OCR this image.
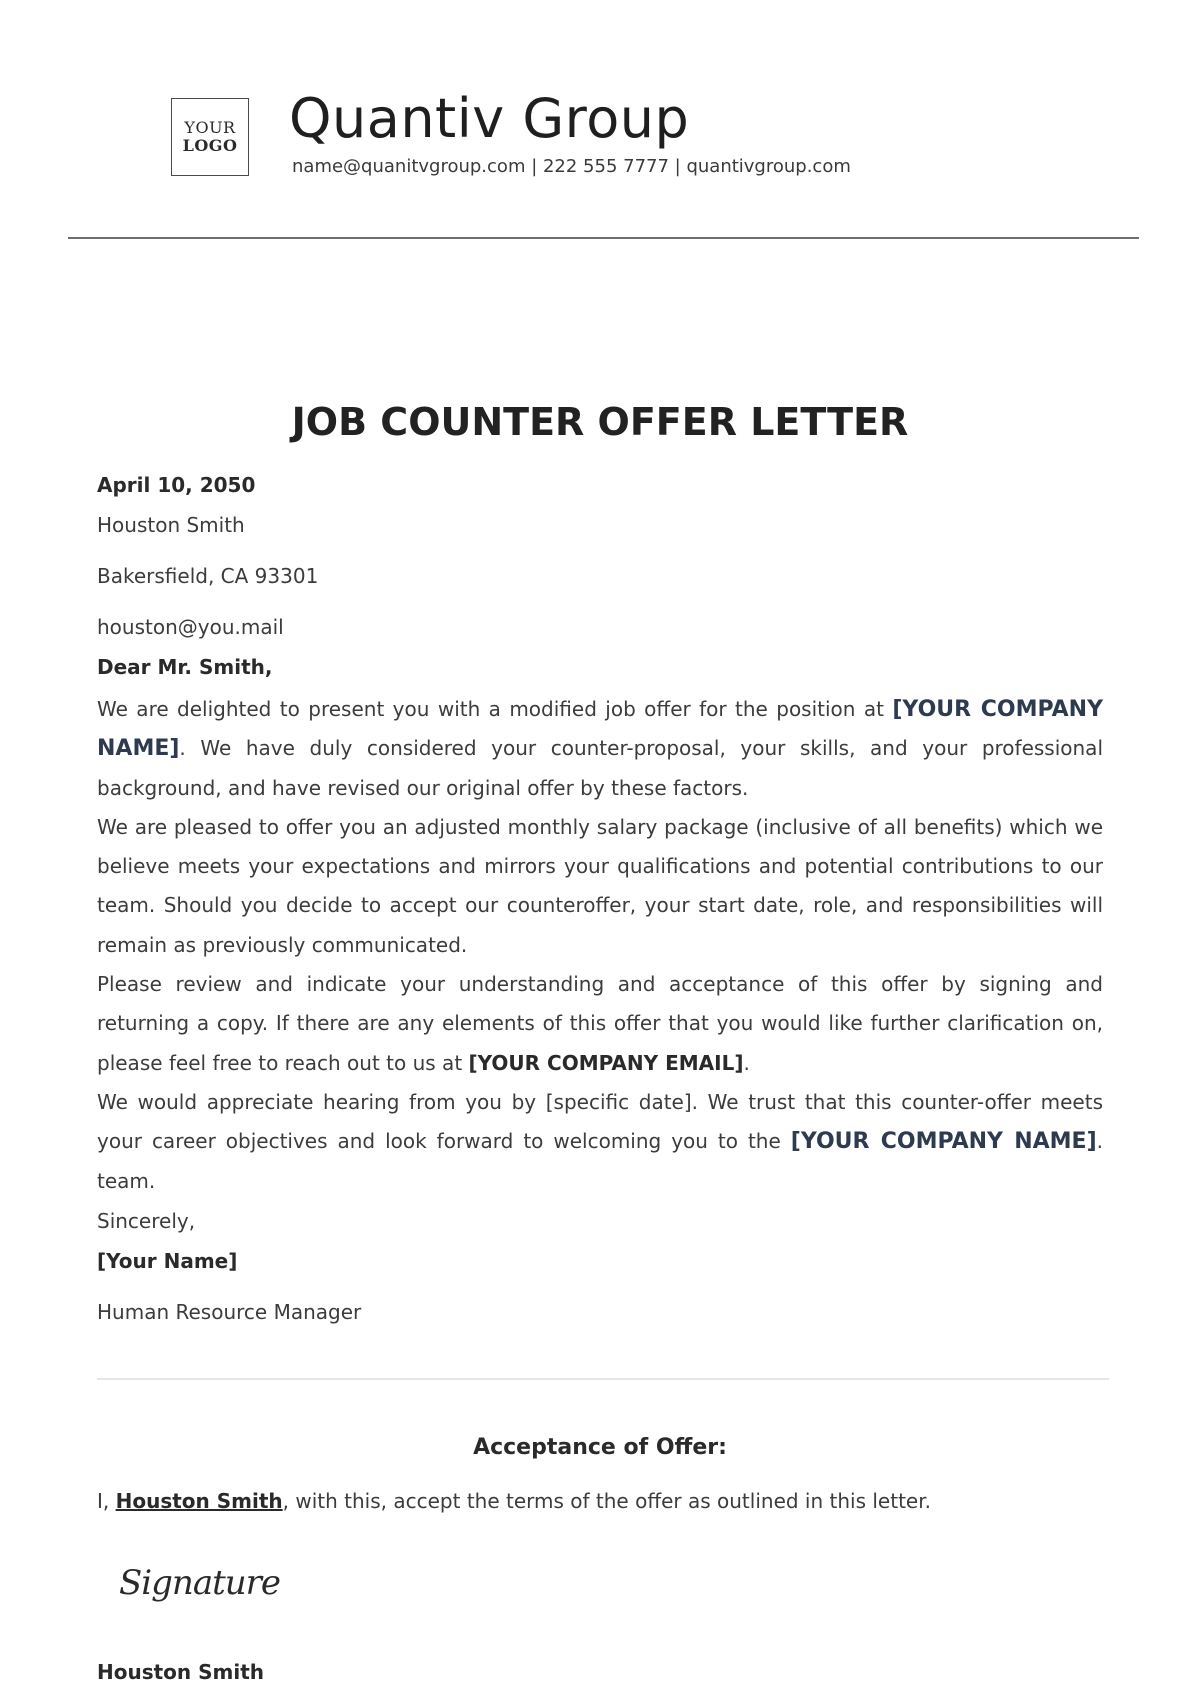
YOUR
LOGO Quantiv Group
name@quanitvgroup.com | 222 555 7777 | quantivgroup.com
JOB COUNTER OFFER LETTER
April 10, 2050
Houston Smith
Bakersfield, CA 93301
houston@you.mail
Dear Mr. Smith,

We are delighted to present you with a modified job offer for the position at [YOUR COMPANY NAME]. We have duly considered your counter-proposal, your skills, and your professional background, and have revised our original offer by these factors.

We are pleased to offer you an adjusted monthly salary package (inclusive of all benefits) which we believe meets your expectations and mirrors your qualifications and potential contributions to our team. Should you decide to accept our counteroffer, your start date, role, and responsibilities will remain as previously communicated.

Please review and indicate your understanding and acceptance of this offer by signing and returning a copy. If there are any elements of this offer that you would like further clarification on, please feel free to reach out to us at [YOUR COMPANY EMAIL].

We would appreciate hearing from you by [specific date]. We trust that this counter-offer meets your career objectives and look forward to welcoming you to the [YOUR COMPANY NAME]. team.

Sincerely,
[Your Name]
Human Resource Manager
Acceptance of Offer:
I, Houston Smith, with this, accept the terms of the offer as outlined in this letter.
Signature
Houston Smith
